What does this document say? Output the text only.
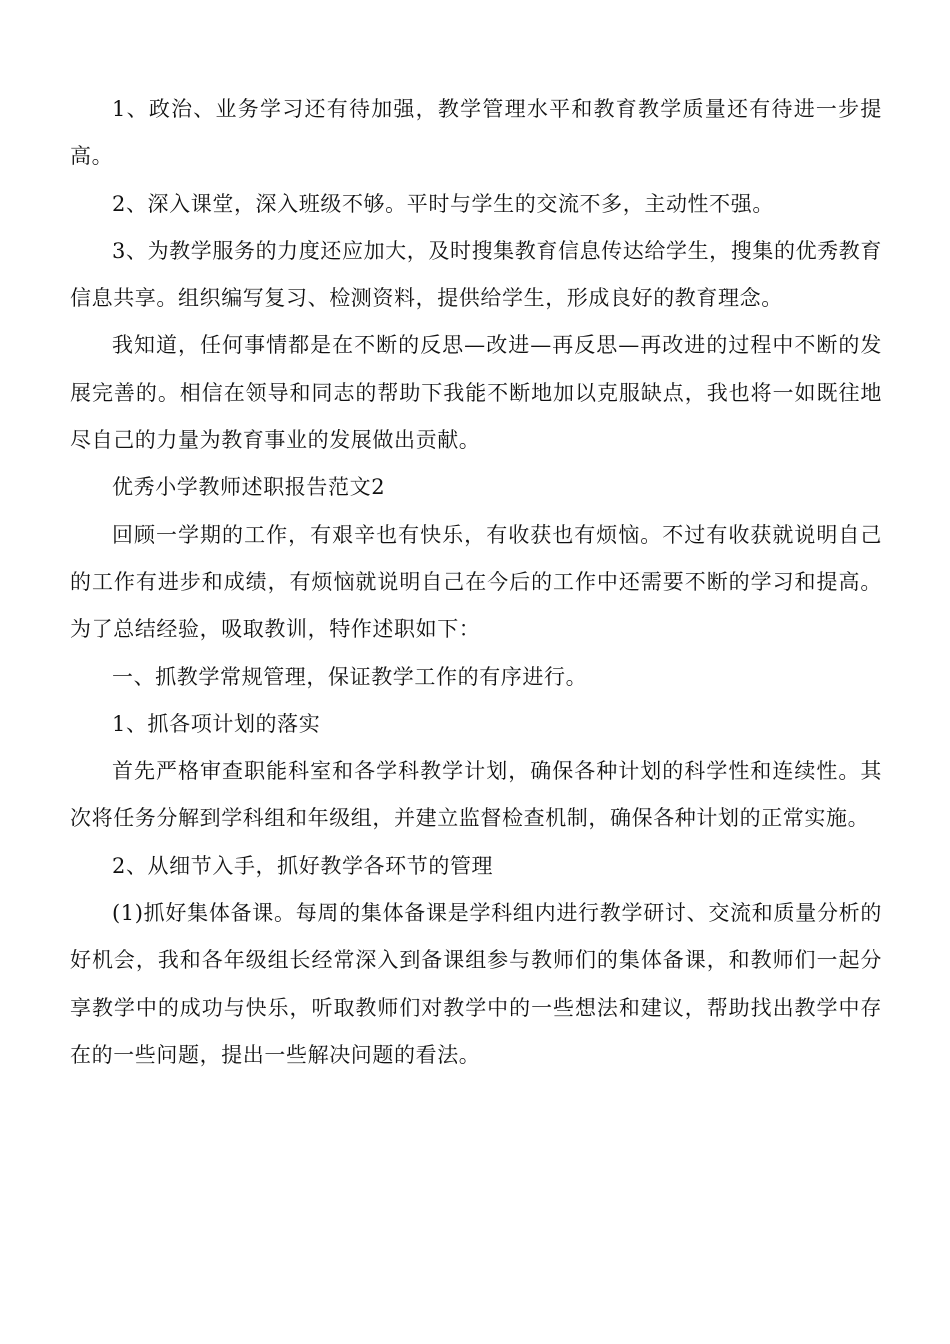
1、政治、业务学习还有待加强，教学管理水平和教育教学质量还有待进一步提高。

2、深入课堂，深入班级不够。平时与学生的交流不多，主动性不强。

3、为教学服务的力度还应加大，及时搜集教育信息传达给学生，搜集的优秀教育信息共享。组织编写复习、检测资料，提供给学生，形成良好的教育理念。

我知道，任何事情都是在不断的反思—改进—再反思—再改进的过程中不断的发展完善的。相信在领导和同志的帮助下我能不断地加以克服缺点，我也将一如既往地尽自己的力量为教育事业的发展做出贡献。

优秀小学教师述职报告范文2

回顾一学期的工作，有艰辛也有快乐，有收获也有烦恼。不过有收获就说明自己的工作有进步和成绩，有烦恼就说明自己在今后的工作中还需要不断的学习和提高。为了总结经验，吸取教训，特作述职如下：

一、抓教学常规管理，保证教学工作的有序进行。

1、抓各项计划的落实

首先严格审查职能科室和各学科教学计划，确保各种计划的科学性和连续性。其次将任务分解到学科组和年级组，并建立监督检查机制，确保各种计划的正常实施。

2、从细节入手，抓好教学各环节的管理

(1)抓好集体备课。每周的集体备课是学科组内进行教学研讨、交流和质量分析的好机会，我和各年级组长经常深入到备课组参与教师们的集体备课，和教师们一起分享教学中的成功与快乐，听取教师们对教学中的一些想法和建议，帮助找出教学中存在的一些问题，提出一些解决问题的看法。
